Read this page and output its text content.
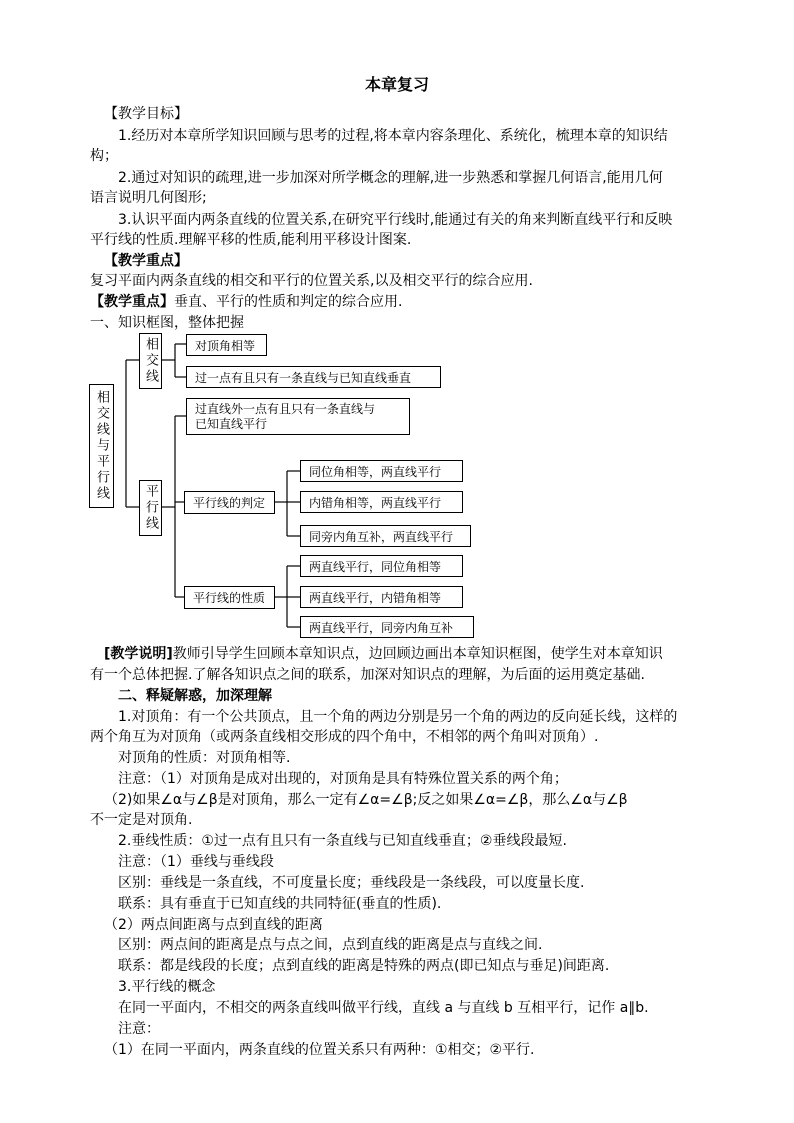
本章复习
【教学目标】
1.经历对本章所学知识回顾与思考的过程,将本章内容条理化、系统化，梳理本章的知识结
构；
2.通过对知识的疏理,进一步加深对所学概念的理解,进一步熟悉和掌握几何语言,能用几何
语言说明几何图形;
3.认识平面内两条直线的位置关系,在研究平行线时,能通过有关的角来判断直线平行和反映
平行线的性质.理解平移的性质,能利用平移设计图案.
【教学重点】
复习平面内两条直线的相交和平行的位置关系,以及相交平行的综合应用.
【教学重点】垂直、平行的性质和判定的综合应用.
一、知识框图，整体把握
相交线与平行线
相交线	对顶角相等
过一点有且只有一条直线与已知直线垂直
平行线
过直线外一点有且只有一条直线与
已知直线平行
平行线的判定
同位角相等，两直线平行
内错角相等，两直线平行
同旁内角互补，两直线平行
平行线的性质
两直线平行，同位角相等
两直线平行，内错角相等
两直线平行，同旁内角互补
[教学说明]教师引导学生回顾本章知识点，边回顾边画出本章知识框图，使学生对本章知识
有一个总体把握.了解各知识点之间的联系，加深对知识点的理解，为后面的运用奠定基础.
二、释疑解惑，加深理解
1.对顶角：有一个公共顶点，且一个角的两边分别是另一个角的两边的反向延长线，这样的
两个角互为对顶角（或两条直线相交形成的四个角中，不相邻的两个角叫对顶角）.
对顶角的性质：对顶角相等.
注意：（1）对顶角是成对出现的，对顶角是具有特殊位置关系的两个角；
（2)如果∠α与∠β是对顶角，那么一定有∠α=∠β;反之如果∠α=∠β，那么∠α与∠β
不一定是对顶角.
2.垂线性质：①过一点有且只有一条直线与已知直线垂直；②垂线段最短.
注意：（1）垂线与垂线段
区别：垂线是一条直线，不可度量长度；垂线段是一条线段，可以度量长度.
联系：具有垂直于已知直线的共同特征(垂直的性质).
（2）两点间距离与点到直线的距离
区别：两点间的距离是点与点之间，点到直线的距离是点与直线之间.
联系：都是线段的长度；点到直线的距离是特殊的两点(即已知点与垂足)间距离.
3.平行线的概念
在同一平面内，不相交的两条直线叫做平行线，直线 a 与直线 b 互相平行，记作 a∥b.
注意：
（1）在同一平面内，两条直线的位置关系只有两种：①相交；②平行.
